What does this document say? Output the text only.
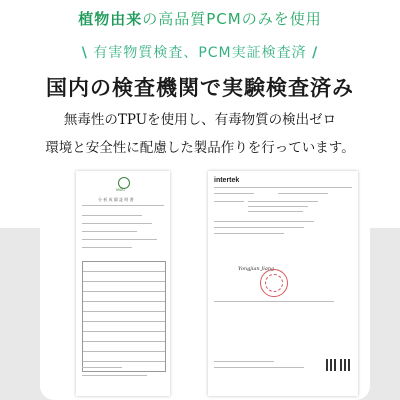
植物由来の高品質PCMのみを使用
\ 有害物質検査、PCM実証検査済 /
国内の検査機関で実験検査済み
無毒性のTPUを使用し、有毒物質の検出ゼロ
環境と安全性に配慮した製品作りを行っています。
MSIG
分 析 成 績 証 明 書
intertek
Yongjian Jiang
